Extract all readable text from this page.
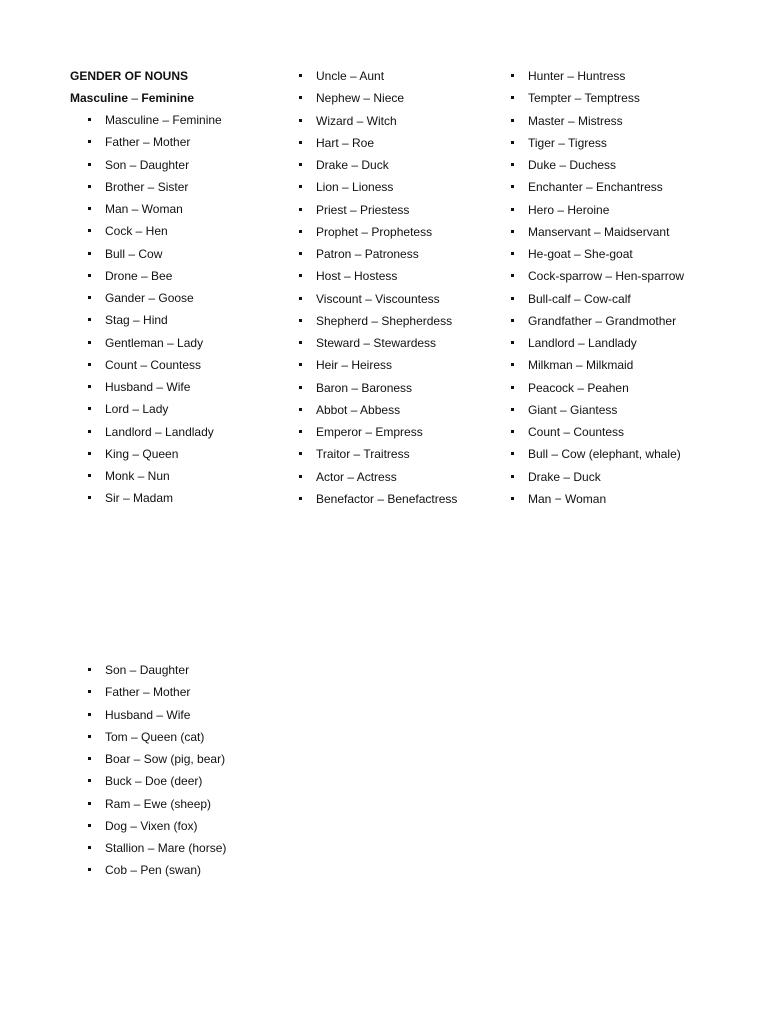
GENDER OF NOUNS
Masculine – Feminine
Masculine – Feminine
Father – Mother
Son – Daughter
Brother – Sister
Man – Woman
Cock – Hen
Bull – Cow
Drone – Bee
Gander – Goose
Stag – Hind
Gentleman – Lady
Count – Countess
Husband – Wife
Lord – Lady
Landlord – Landlady
King – Queen
Monk – Nun
Sir – Madam
Uncle – Aunt
Nephew – Niece
Wizard – Witch
Hart – Roe
Drake – Duck
Lion – Lioness
Priest – Priestess
Prophet – Prophetess
Patron – Patroness
Host – Hostess
Viscount – Viscountess
Shepherd – Shepherdess
Steward – Stewardess
Heir – Heiress
Baron – Baroness
Abbot – Abbess
Emperor – Empress
Traitor – Traitress
Actor – Actress
Benefactor – Benefactress
Hunter – Huntress
Tempter – Temptress
Master – Mistress
Tiger – Tigress
Duke – Duchess
Enchanter – Enchantress
Hero – Heroine
Manservant – Maidservant
He-goat – She-goat
Cock-sparrow – Hen-sparrow
Bull-calf – Cow-calf
Grandfather – Grandmother
Landlord – Landlady
Milkman – Milkmaid
Peacock – Peahen
Giant – Giantess
Count – Countess
Bull – Cow (elephant, whale)
Drake – Duck
Man − Woman
Son – Daughter
Father – Mother
Husband – Wife
Tom – Queen (cat)
Boar – Sow (pig, bear)
Buck – Doe (deer)
Ram – Ewe (sheep)
Dog – Vixen (fox)
Stallion – Mare (horse)
Cob – Pen (swan)
